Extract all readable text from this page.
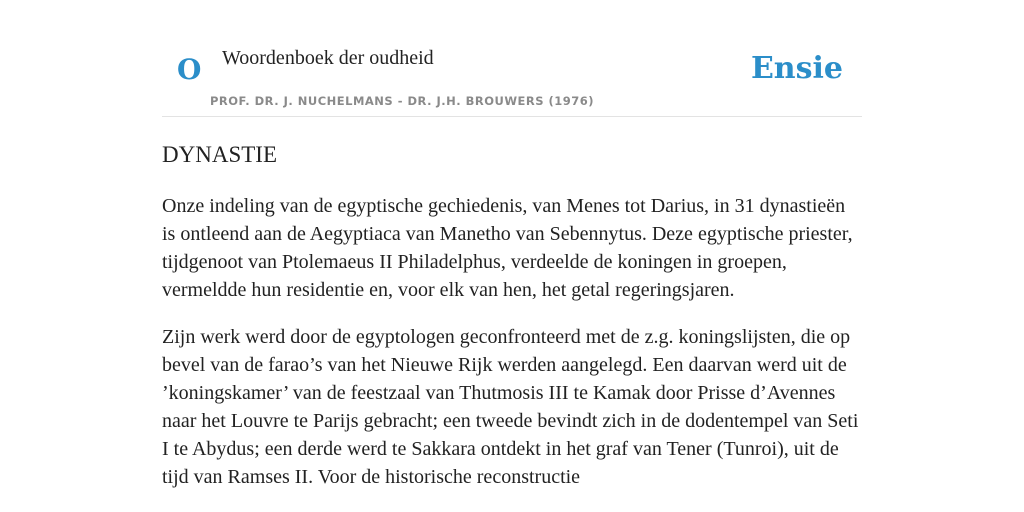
O Woordenboek der oudheid
PROF. DR. J. NUCHELMANS - DR. J.H. BROUWERS (1976)
Ensie
DYNASTIE

Onze indeling van de egyptische gechiedenis, van Menes tot Darius, in 31 dynastieën is ontleend aan de Aegyptiaca van Manetho van Sebennytus. Deze egyptische priester, tijdgenoot van Ptolemaeus II Philadelphus, verdeelde de koningen in groepen, vermeldde hun residentie en, voor elk van hen, het getal regeringsjaren.

Zijn werk werd door de egyptologen geconfronteerd met de z.g. koningslijsten, die op bevel van de farao’s van het Nieuwe Rijk werden aangelegd. Een daarvan werd uit de ’koningskamer’ van de feestzaal van Thutmosis III te Kamak door Prisse d’Avennes naar het Louvre te Parijs gebracht; een tweede bevindt zich in de dodentempel van Seti I te Abydus; een derde werd te Sakkara ontdekt in het graf van Tener (Tunroi), uit de tijd van Ramses II. Voor de historische reconstructie
